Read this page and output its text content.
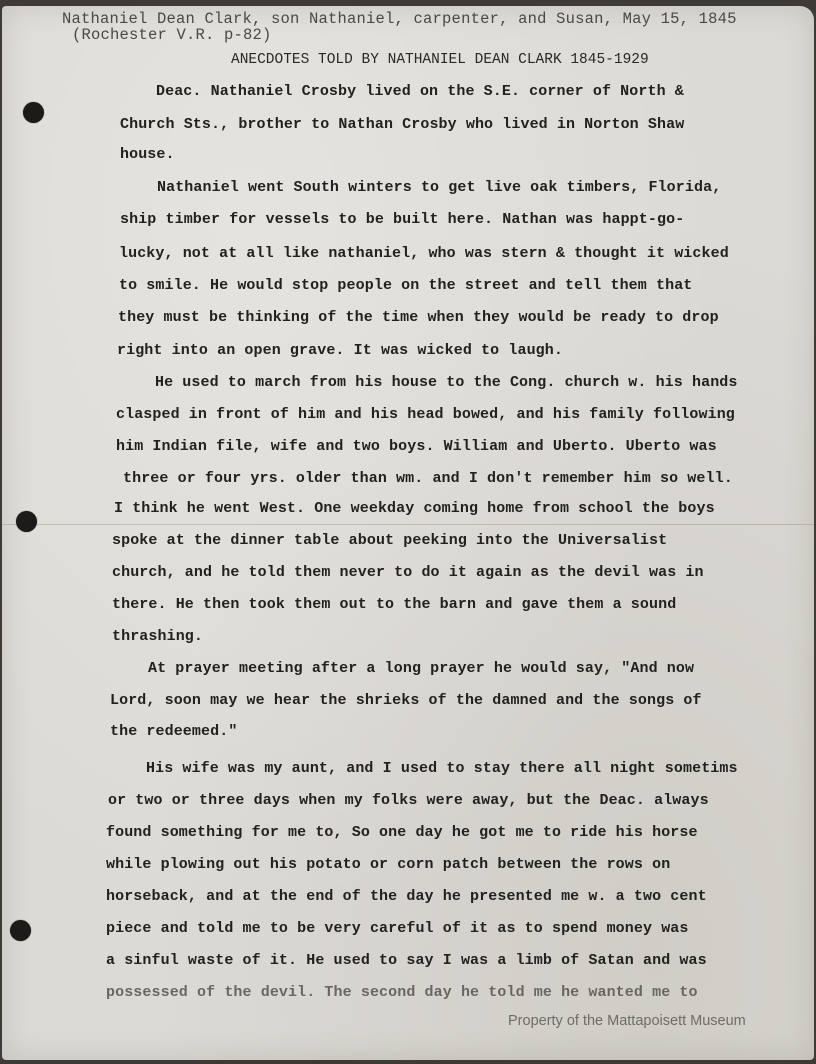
Nathaniel Dean Clark, son Nathaniel, carpenter, and Susan, May 15, 1845
(Rochester V.R. p-82)
ANECDOTES TOLD BY NATHANIEL DEAN CLARK 1845-1929
Deac. Nathaniel Crosby lived on the S.E. corner of North &
Church Sts., brother to Nathan Crosby who lived in Norton Shaw
house.
Nathaniel went South winters to get live oak timbers, Florida,
ship timber for vessels to be built here. Nathan was happt-go-
lucky, not at all like nathaniel, who was stern & thought it wicked
to smile. He would stop people on the street and tell them that
they must be thinking of the time when they would be ready to drop
right into an open grave. It was wicked to laugh.
He used to march from his house to the Cong. church w. his hands
clasped in front of him and his head bowed, and his family following
him Indian file, wife and two boys. William and Uberto. Uberto was
three or four yrs. older than wm. and I don't remember him so well.
I think he went West. One weekday coming home from school the boys
spoke at the dinner table about peeking into the Universalist
church, and he told them never to do it again as the devil was in
there. He then took them out to the barn and gave them a sound
thrashing.
At prayer meeting after a long prayer he would say, "And now
Lord, soon may we hear the shrieks of the damned and the songs of
the redeemed."
His wife was my aunt, and I used to stay there all night sometims
or two or three days when my folks were away, but the Deac. always
found something for me to, So one day he got me to ride his horse
while plowing out his potato or corn patch between the rows on
horseback, and at the end of the day he presented me w. a two cent
piece and told me to be very careful of it as to spend money was
a sinful waste of it. He used to say I was a limb of Satan and was
possessed of the devil. The second day he told me he wanted me to
Property of the Mattapoisett Museum
